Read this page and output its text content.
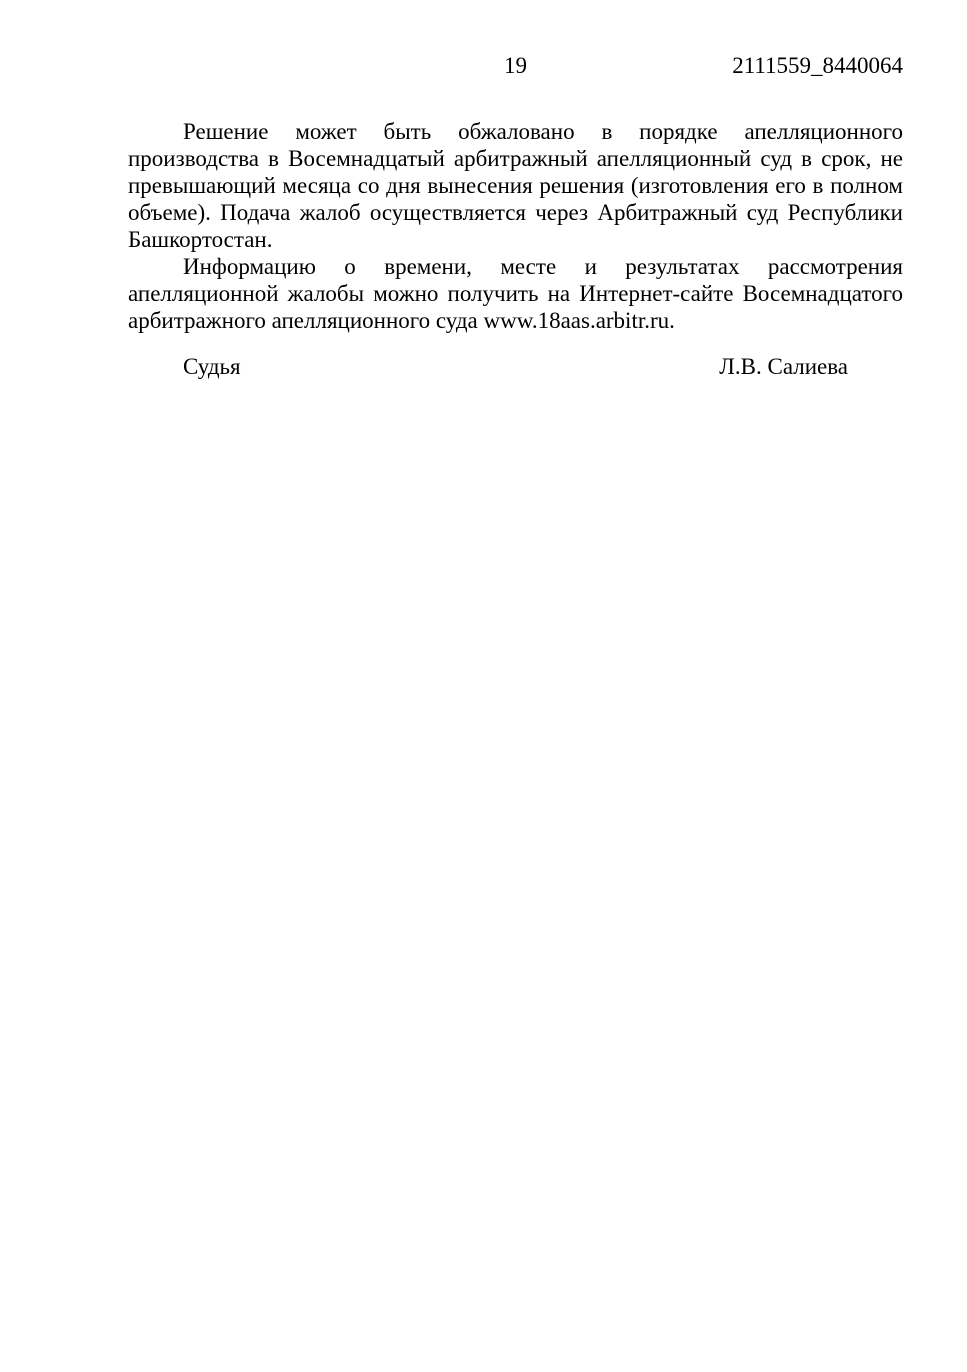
19	2111559_8440064
Решение может быть обжаловано в порядке апелляционного
производства в Восемнадцатый арбитражный апелляционный суд в срок, не
превышающий месяца со дня вынесения решения (изготовления его в полном
объеме). Подача жалоб осуществляется через Арбитражный суд Республики
Башкортостан.
Информацию о времени, месте и результатах рассмотрения
апелляционной жалобы можно получить на Интернет-сайте Восемнадцатого
арбитражного апелляционного суда www.18aas.arbitr.ru.
Судья	Л.В. Салиева
